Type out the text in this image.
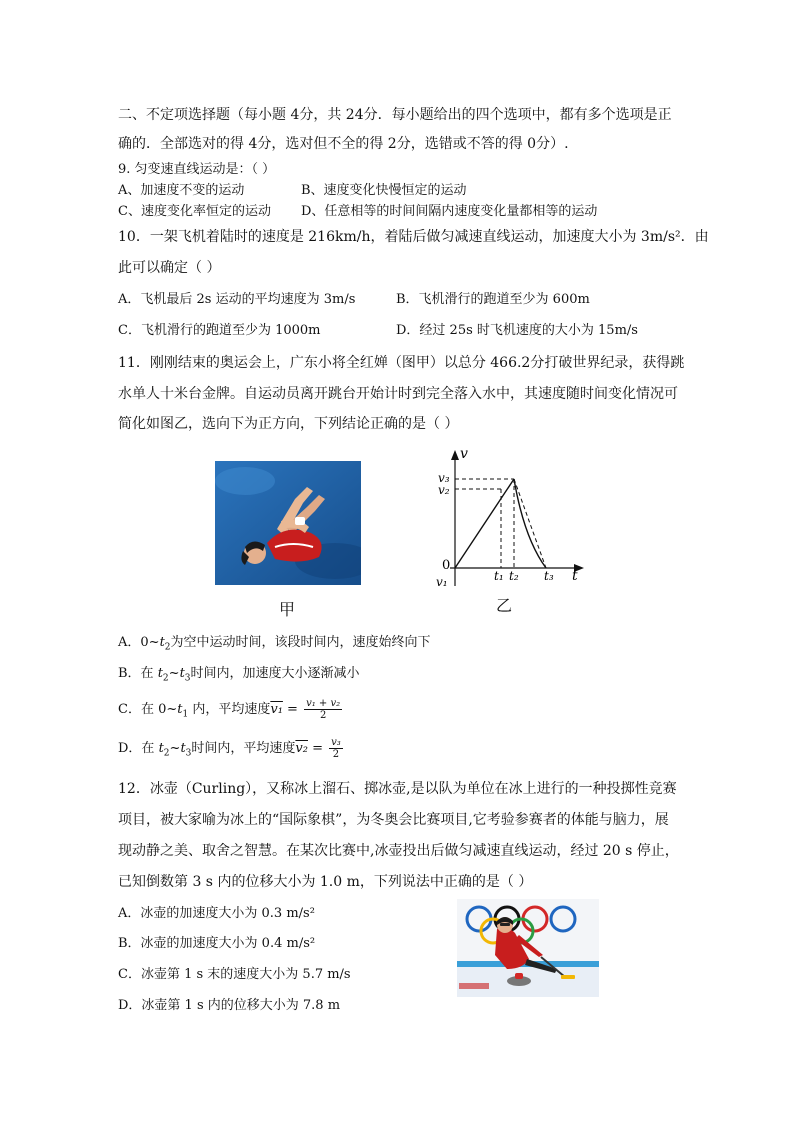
二、不定项选择题（每小题 4分，共 24分．每小题给出的四个选项中，都有多个选项是正
确的．全部选对的得 4分，选对但不全的得 2分，选错或不答的得 0分）.
9. 匀变速直线运动是：（ ）
A、加速度不变的运动	B、速度变化快慢恒定的运动
C、速度变化率恒定的运动 D、任意相等的时间间隔内速度变化量都相等的运动
10．一架飞机着陆时的速度是 216km/h，着陆后做匀减速直线运动，加速度大小为 3m/s²．由
此可以确定（ ）
A．飞机最后 2s 运动的平均速度为 3m/s	B．飞机滑行的跑道至少为 600m
C．飞机滑行的跑道至少为 1000m	D．经过 25s 时飞机速度的大小为 15m/s
11．刚刚结束的奥运会上，广东小将全红婵（图甲）以总分 466.2分打破世界纪录，获得跳
水单人十米台金牌。自运动员离开跳台开始计时到完全落入水中，其速度随时间变化情况可
简化如图乙，选向下为正方向，下列结论正确的是（ ）
甲
v
t
0
v₃
v₂
v₁	t₁ t₂ t₃
乙
A．$0\sim t_2$为空中运动时间，该段时间内，速度始终向下
B．在 $t_2\sim t_3$时间内，加速度大小逐渐减小
C．在 $0\sim t_1$ 内，平均速度$v_1 = \frac{\text{v₁ + v₂}}{2}$
D．在 $t_2\sim t_3$时间内，平均速度$v_2 = \frac{\text{v₃}}{2}$
12．冰壶（Curling），又称冰上溜石、掷冰壶,是以队为单位在冰上进行的一种投掷性竞赛
项目，被大家喻为冰上的“国际象棋”，为冬奥会比赛项目,它考验参赛者的体能与脑力，展
现动静之美、取舍之智慧。在某次比赛中,冰壶投出后做匀减速直线运动，经过 20 s 停止，
已知倒数第 3 s 内的位移大小为 1.0 m，下列说法中正确的是（ ）
A．冰壶的加速度大小为 0.3 m/s²
B．冰壶的加速度大小为 0.4 m/s²
C．冰壶第 1 s 末的速度大小为 5.7 m/s
D．冰壶第 1 s 内的位移大小为 7.8 m
